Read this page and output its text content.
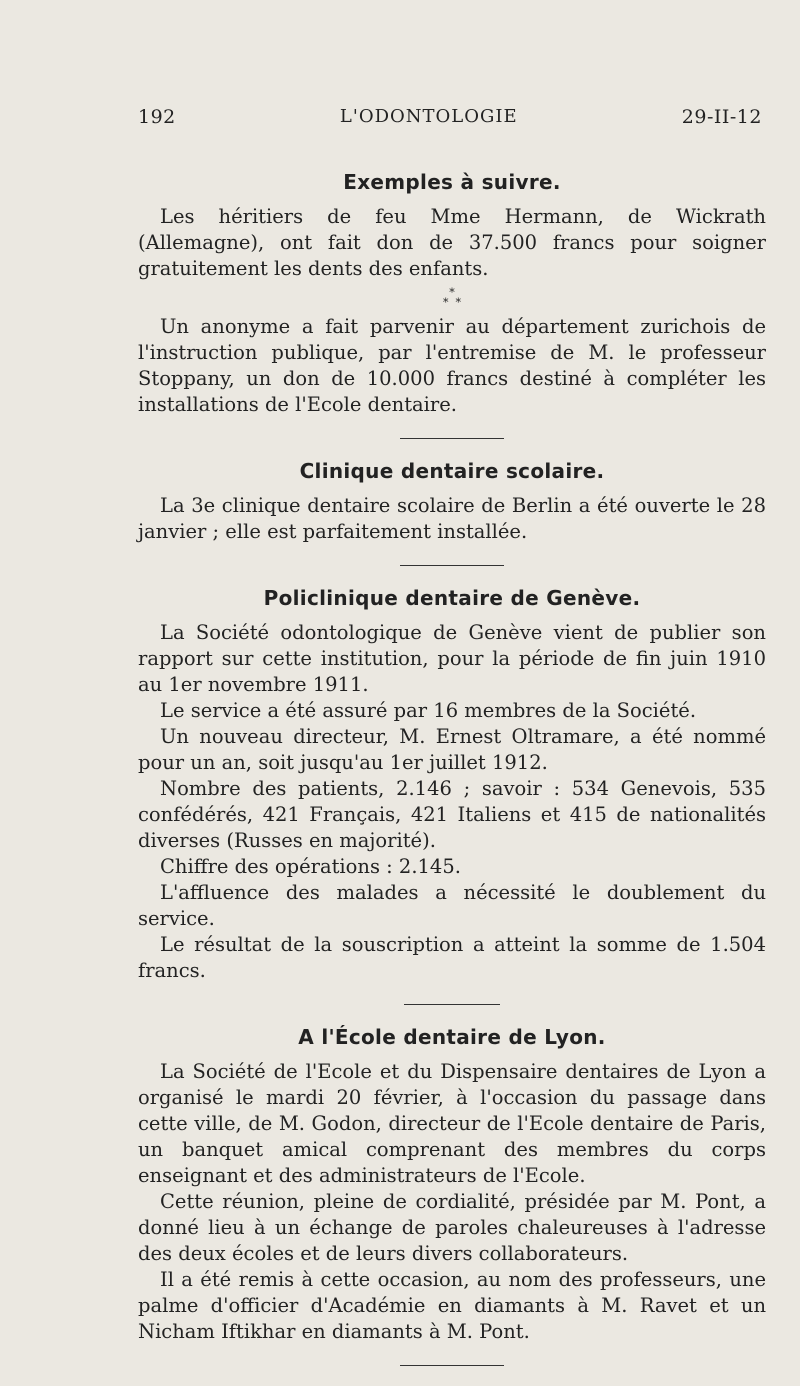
192	L'ODONTOLOGIE	29-II-12
Exemples à suivre.

Les héritiers de feu Mme Hermann, de Wickrath (Allemagne), ont fait don de 37.500 francs pour soigner gratuitement les dents des enfants.

*
*  *

Un anonyme a fait parvenir au département zurichois de l'instruction publique, par l'entremise de M. le professeur Stoppany, un don de 10.000 francs destiné à compléter les installations de l'Ecole dentaire.

Clinique dentaire scolaire.

La 3e clinique dentaire scolaire de Berlin a été ouverte le 28 janvier ; elle est parfaitement installée.

Policlinique dentaire de Genève.

La Société odontologique de Genève vient de publier son rapport sur cette institution, pour la période de fin juin 1910 au 1er novembre 1911.

Le service a été assuré par 16 membres de la Société.

Un nouveau directeur, M. Ernest Oltramare, a été nommé pour un an, soit jusqu'au 1er juillet 1912.

Nombre des patients, 2.146 ; savoir : 534 Genevois, 535 confédérés, 421 Français, 421 Italiens et 415 de nationalités diverses (Russes en majorité).

Chiffre des opérations : 2.145.

L'affluence des malades a nécessité le doublement du service.

Le résultat de la souscription a atteint la somme de 1.504 francs.

A l'École dentaire de Lyon.

La Société de l'Ecole et du Dispensaire dentaires de Lyon a organisé le mardi 20 février, à l'occasion du passage dans cette ville, de M. Godon, directeur de l'Ecole dentaire de Paris, un banquet amical comprenant des membres du corps enseignant et des administrateurs de l'Ecole.

Cette réunion, pleine de cordialité, présidée par M. Pont, a donné lieu à un échange de paroles chaleureuses à l'adresse des deux écoles et de leurs divers collaborateurs.

Il a été remis à cette occasion, au nom des professeurs, une palme d'officier d'Académie en diamants à M. Ravet et un Nicham Iftikhar en diamants à M. Pont.
